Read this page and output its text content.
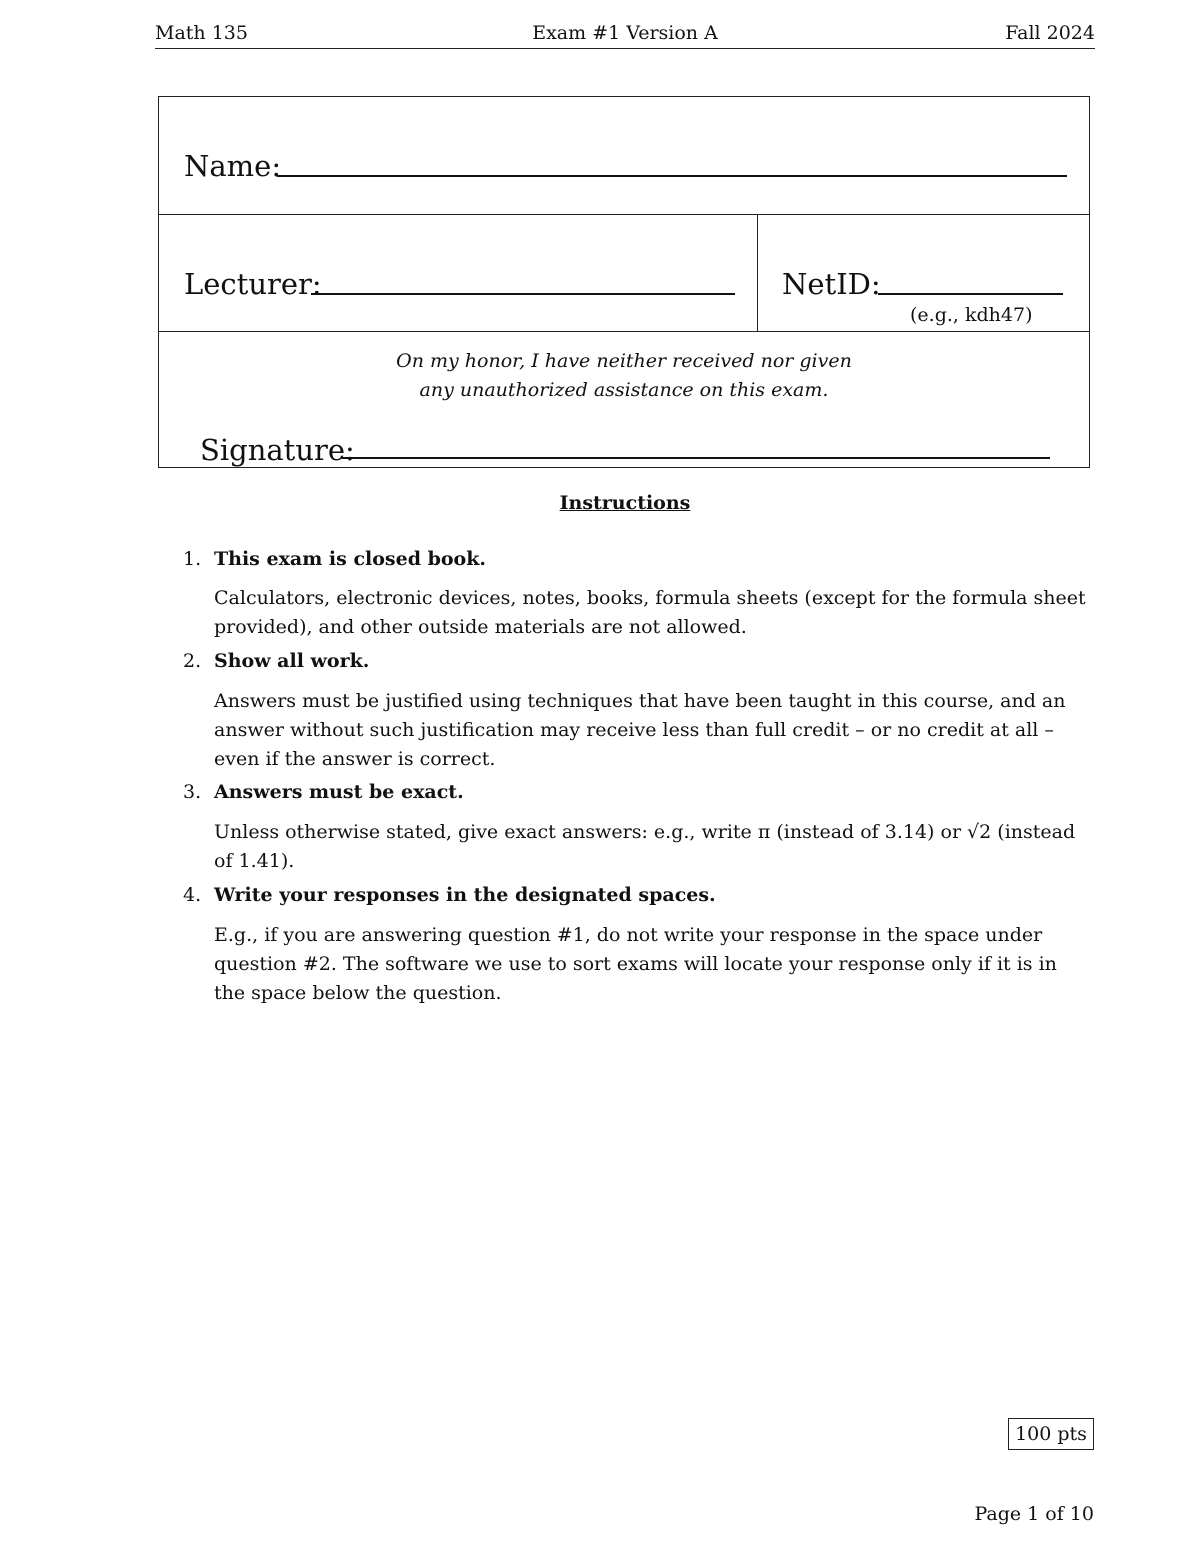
Math 135	Exam #1 Version A	Fall 2024
Name:
Lecturer:	NetID:
(e.g., kdh47)
On my honor, I have neither received nor given
any unauthorized assistance on this exam.
Signature:
Instructions
1. This exam is closed book.
Calculators, electronic devices, notes, books, formula sheets (except for the formula sheet
provided), and other outside materials are not allowed.
2. Show all work.
Answers must be justified using techniques that have been taught in this course, and an
answer without such justification may receive less than full credit – or no credit at all –
even if the answer is correct.
3. Answers must be exact.
Unless otherwise stated, give exact answers: e.g., write π (instead of 3.14) or √2 (instead
of 1.41).
4. Write your responses in the designated spaces.
E.g., if you are answering question #1, do not write your response in the space under
question #2. The software we use to sort exams will locate your response only if it is in
the space below the question.
100 pts
Page 1 of 10
